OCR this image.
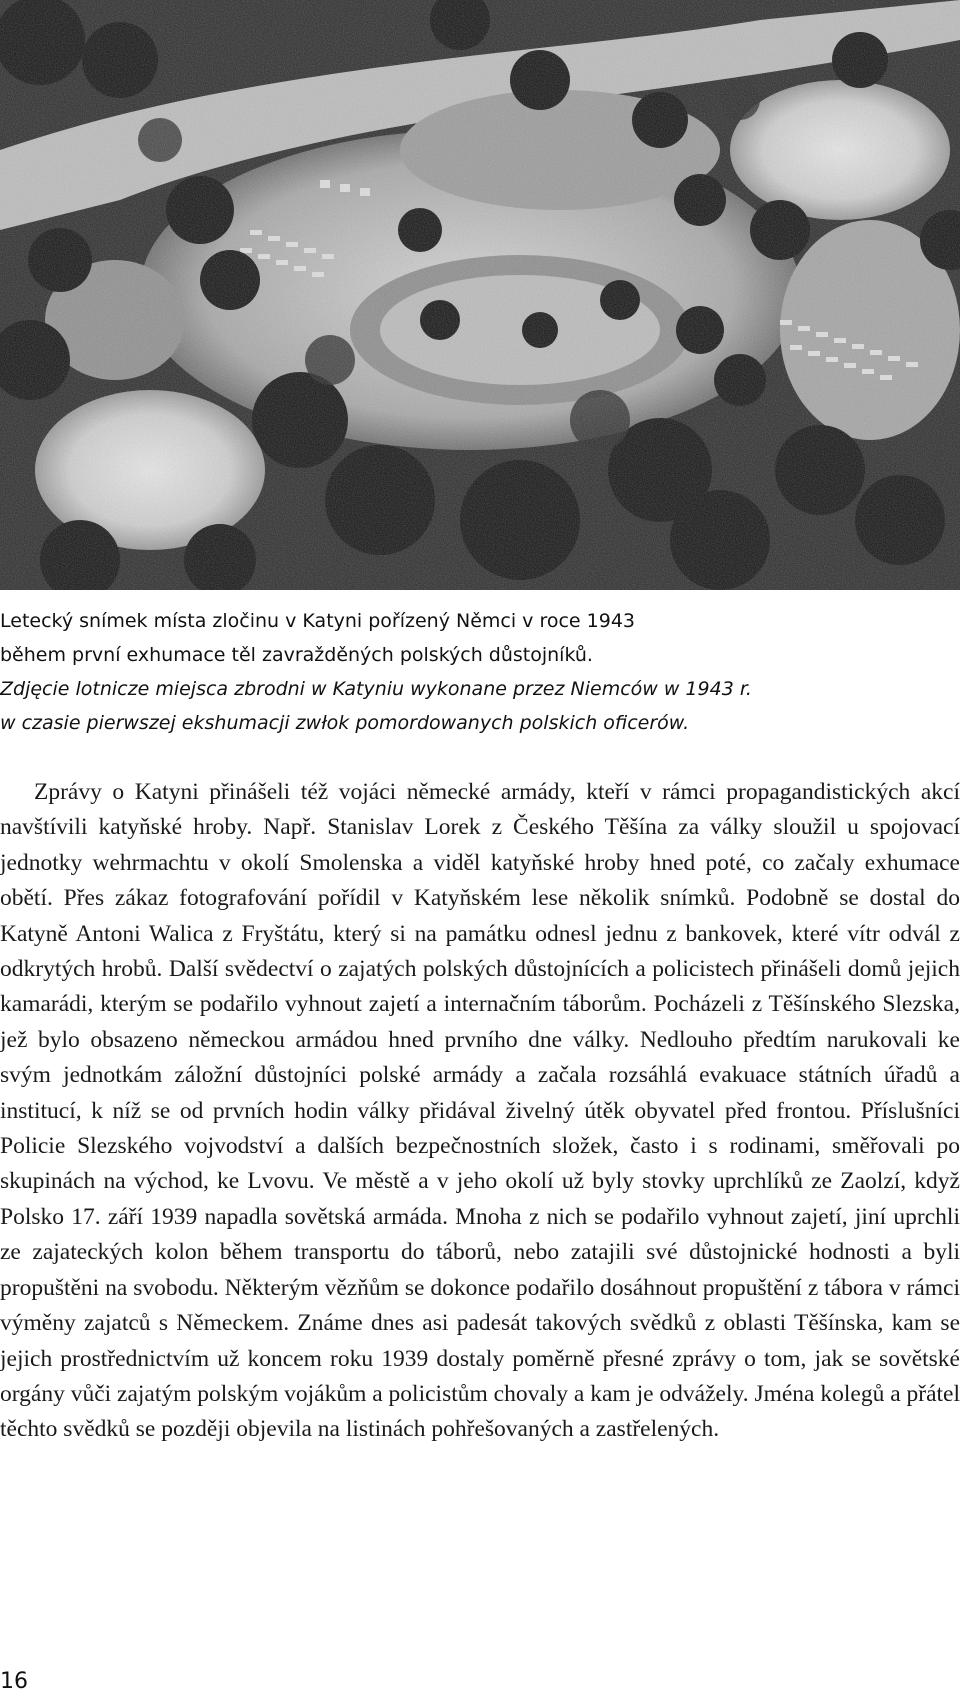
Letecký snímek místa zločinu v Katyni pořízený Němci v roce 1943
během první exhumace těl zavražděných polských důstojníků.
Zdjęcie lotnicze miejsca zbrodni w Katyniu wykonane przez Niemców w 1943 r.
w czasie pierwszej ekshumacji zwłok pomordowanych polskich oficerów.

Zprávy o Katyni přinášeli též vojáci německé armády, kteří v rámci propagandistických akcí navštívili katyňské hroby. Např. Stanislav Lorek z Českého Těšína za války sloužil u spojovací jednotky wehrmachtu v okolí Smolenska a viděl katyňské hroby hned poté, co začaly exhumace obětí. Přes zákaz fotografování pořídil v Katyňském lese několik snímků. Podobně se dostal do Katyně Antoni Walica z Fryštátu, který si na památku odnesl jednu z bankovek, které vítr odvál z odkrytých hrobů. Další svědectví o zajatých polských důstojnících a policistech přinášeli domů jejich kamarádi, kterým se podařilo vyhnout zajetí a internačním táborům. Pocházeli z Těšínského Slezska, jež bylo obsazeno německou armádou hned prvního dne války. Nedlouho předtím narukovali ke svým jednotkám záložní důstojníci polské armády a začala rozsáhlá evakuace státních úřadů a institucí, k níž se od prvních hodin války přidával živelný útěk obyvatel před frontou. Příslušníci Policie Slezského vojvodství a dalších bezpečnostních složek, často i s rodinami, směřovali po skupinách na východ, ke Lvovu. Ve městě a v jeho okolí už byly stovky uprchlíků ze Zaolzí, když Polsko 17. září 1939 napadla sovětská armáda. Mnoha z nich se podařilo vyhnout zajetí, jiní uprchli ze zajateckých kolon během transportu do táborů, nebo zatajili své důstojnické hodnosti a byli propuštěni na svobodu. Některým vězňům se dokonce podařilo dosáhnout propuštění z tábora v rámci výměny zajatců s Německem. Známe dnes asi padesát takových svědků z oblasti Těšínska, kam se jejich prostřednictvím už koncem roku 1939 dostaly poměrně přesné zprávy o tom, jak se sovětské orgány vůči zajatým polským vojákům a policistům chovaly a kam je odvážely. Jména kolegů a přátel těchto svědků se později objevila na listinách pohřešovaných a zastřelených.

16
